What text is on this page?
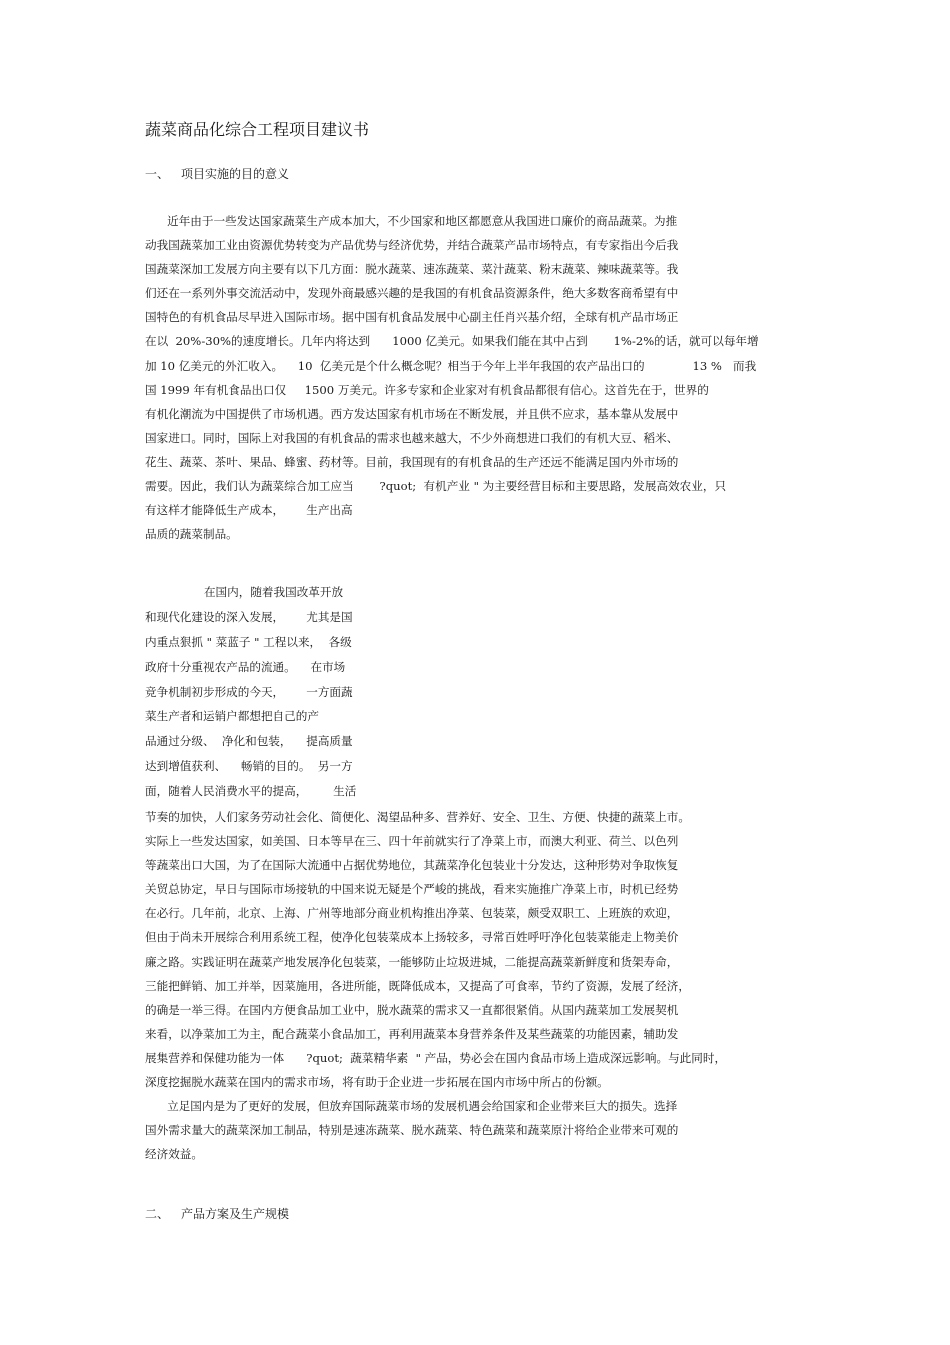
蔬菜商品化综合工程项目建议书
一、 项目实施的目的意义
近年由于一些发达国家蔬菜生产成本加大，不少国家和地区都愿意从我国进口廉价的商品蔬菜。为推
动我国蔬菜加工业由资源优势转变为产品优势与经济优势，并结合蔬菜产品市场特点，有专家指出今后我
国蔬菜深加工发展方向主要有以下几方面：脱水蔬菜、速冻蔬菜、菜汁蔬菜、粉末蔬菜、辣味蔬菜等。我
们还在一系列外事交流活动中，发现外商最感兴趣的是我国的有机食品资源条件，绝大多数客商希望有中
国特色的有机食品尽早进入国际市场。据中国有机食品发展中心副主任肖兴基介绍，全球有机产品市场正
在以  20%-30%的速度增长。几年内将达到      1000 亿美元。如果我们能在其中占到       1%-2%的话，就可以每年增
加 10 亿美元的外汇收入。    10  亿美元是个什么概念呢？相当于今年上半年我国的农产品出口的             13 %   而我
国 1999 年有机食品出口仅     1500 万美元。许多专家和企业家对有机食品都很有信心。这首先在于，世界的
有机化潮流为中国提供了市场机遇。西方发达国家有机市场在不断发展，并且供不应求，基本靠从发展中
国家进口。同时，国际上对我国的有机食品的需求也越来越大，不少外商想进口我们的有机大豆、稻米、
花生、蔬菜、茶叶、果品、蜂蜜、药材等。目前，我国现有的有机食品的生产还远不能满足国内外市场的
需要。因此，我们认为蔬菜综合加工应当       ?quot;  有机产业 " 为主要经营目标和主要思路，发展高效农业，只
有这样才能降低生产成本，      生产出高
品质的蔬菜制品。
在国内，随着我国改革开放
和现代化建设的深入发展，      尤其是国
内重点狠抓 " 菜蓝子 " 工程以来，  各级
政府十分重视农产品的流通。    在市场
竞争机制初步形成的今天，      一方面蔬
菜生产者和运销户都想把自己的产
品通过分级、  净化和包装，    提高质量
达到增值获利、    畅销的目的。  另一方
面，随着人民消费水平的提高，       生活
节奏的加快，人们家务劳动社会化、简便化、渴望品种多、营养好、安全、卫生、方便、快捷的蔬菜上市。
实际上一些发达国家，如美国、日本等早在三、四十年前就实行了净菜上市，而澳大利亚、荷兰、以色列
等蔬菜出口大国，为了在国际大流通中占据优势地位，其蔬菜净化包装业十分发达，这种形势对争取恢复
关贸总协定，早日与国际市场接轨的中国来说无疑是个严峻的挑战，看来实施推广净菜上市，时机已经势
在必行。几年前，北京、上海、广州等地部分商业机构推出净菜、包装菜，颇受双职工、上班族的欢迎，
但由于尚未开展综合利用系统工程，使净化包装菜成本上扬较多，寻常百姓呼吁净化包装菜能走上物美价
廉之路。实践证明在蔬菜产地发展净化包装菜，一能够防止垃圾进城，二能提高蔬菜新鲜度和货架寿命，
三能把鲜销、加工并举，因菜施用，各进所能，既降低成本，又提高了可食率，节约了资源，发展了经济，
的确是一举三得。在国内方便食品加工业中，脱水蔬菜的需求又一直都很紧俏。从国内蔬菜加工发展契机
来看，以净菜加工为主，配合蔬菜小食品加工，再利用蔬菜本身营养条件及某些蔬菜的功能因素，辅助发
展集营养和保健功能为一体      ?quot;  蔬菜精华素  " 产品，势必会在国内食品市场上造成深远影响。与此同时，
深度挖掘脱水蔬菜在国内的需求市场，将有助于企业进一步拓展在国内市场中所占的份额。
立足国内是为了更好的发展，但放弃国际蔬菜市场的发展机遇会给国家和企业带来巨大的损失。选择
国外需求量大的蔬菜深加工制品，特别是速冻蔬菜、脱水蔬菜、特色蔬菜和蔬菜原汁将给企业带来可观的
经济效益。
二、 产品方案及生产规模
